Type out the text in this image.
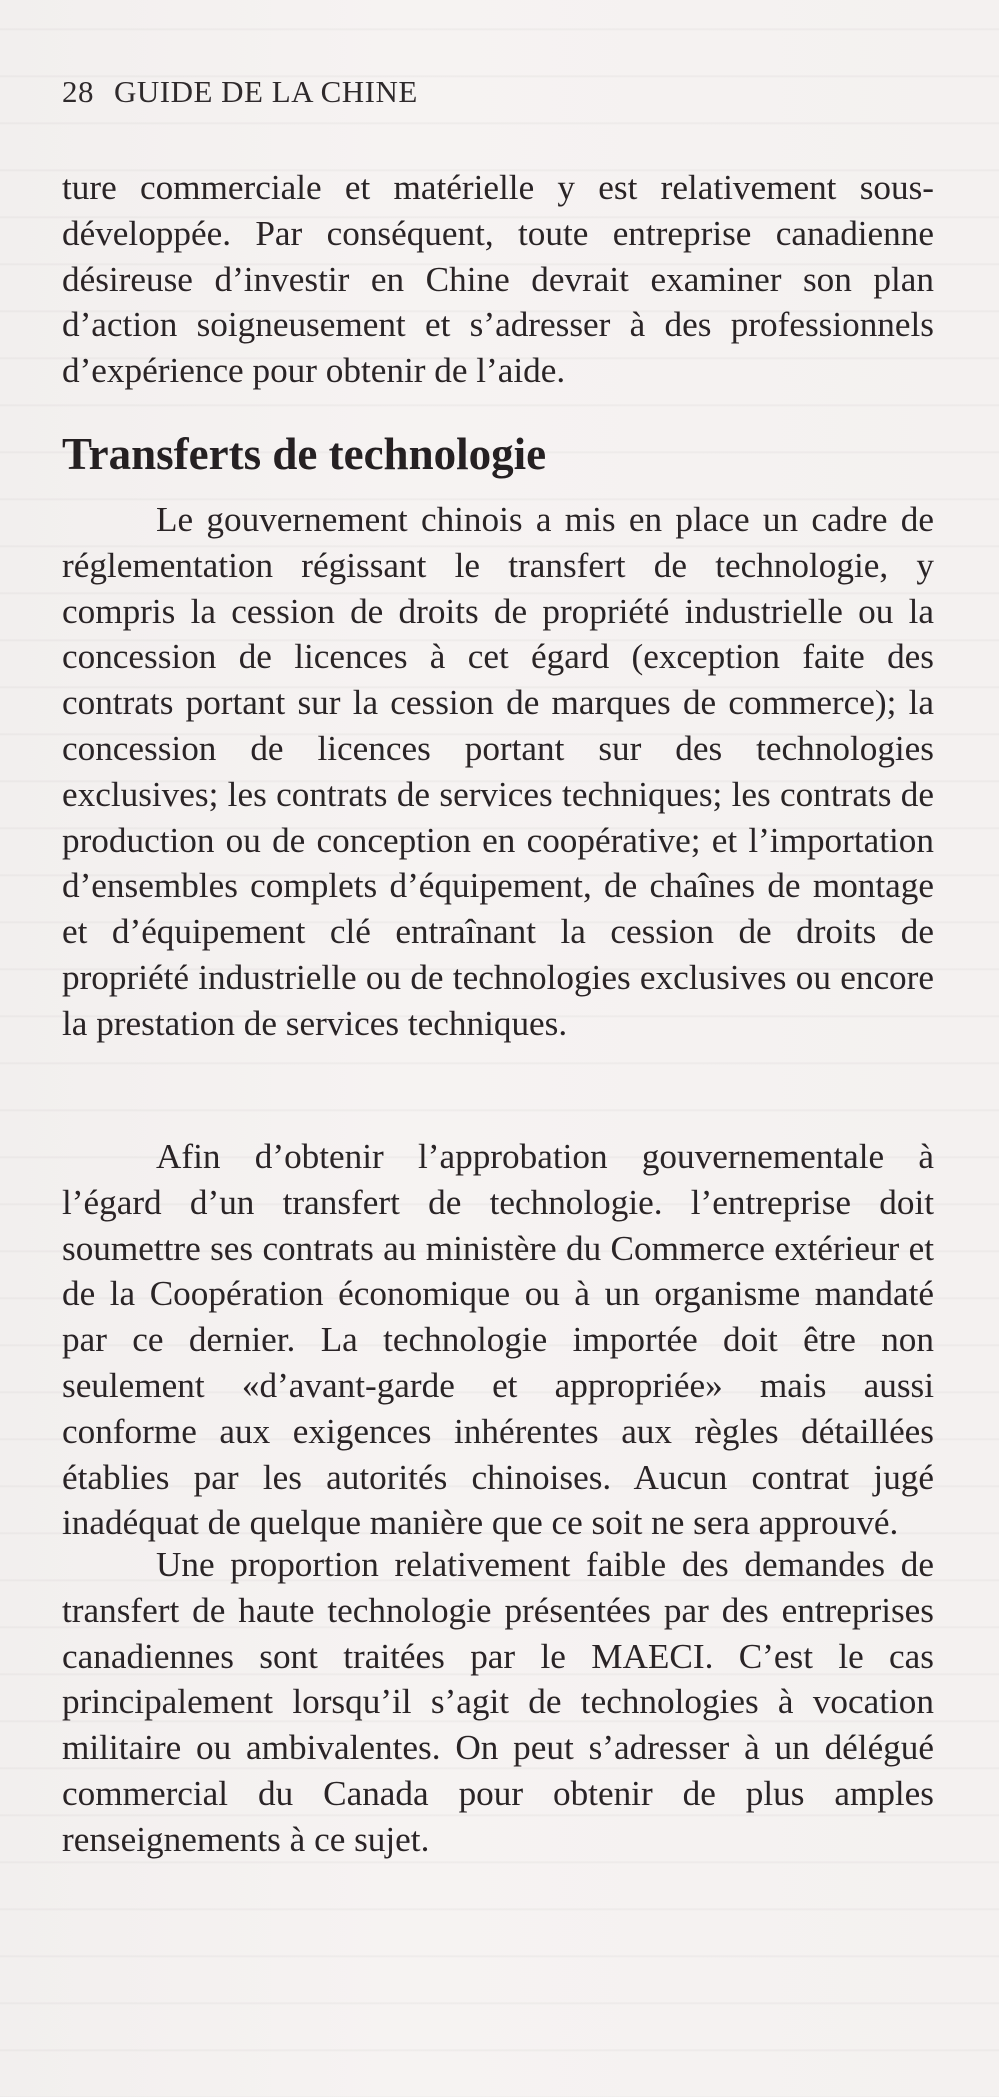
28 GUIDE DE LA CHINE

ture commerciale et matérielle y est relativement sous-développée. Par conséquent, toute entreprise canadienne désireuse d’investir en Chine devrait examiner son plan d’action soigneusement et s’adresser à des professionnels d’expérience pour obtenir de l’aide.

Transferts de technologie

Le gouvernement chinois a mis en place un cadre de réglementation régissant le transfert de technologie, y compris la cession de droits de propriété industrielle ou la concession de licences à cet égard (exception faite des contrats portant sur la cession de marques de commerce); la concession de licences portant sur des technologies exclusives; les contrats de services techniques; les contrats de production ou de conception en coopérative; et l’importation d’ensembles complets d’équipement, de chaînes de montage et d’équipement clé entraînant la cession de droits de propriété industrielle ou de technologies exclusives ou encore la prestation de services techniques.

Afin d’obtenir l’approbation gouvernementale à l’égard d’un transfert de technologie. l’entreprise doit soumettre ses contrats au ministère du Commerce extérieur et de la Coopération économique ou à un organisme mandaté par ce dernier. La technologie importée doit être non seulement «d’avant-garde et appropriée» mais aussi conforme aux exigences inhérentes aux règles détaillées établies par les autorités chinoises. Aucun contrat jugé inadéquat de quelque manière que ce soit ne sera approuvé.

Une proportion relativement faible des demandes de transfert de haute technologie présentées par des entreprises canadiennes sont traitées par le MAECI. C’est le cas principalement lorsqu’il s’agit de technologies à vocation militaire ou ambivalentes. On peut s’adresser à un délégué commercial du Canada pour obtenir de plus amples renseignements à ce sujet.
